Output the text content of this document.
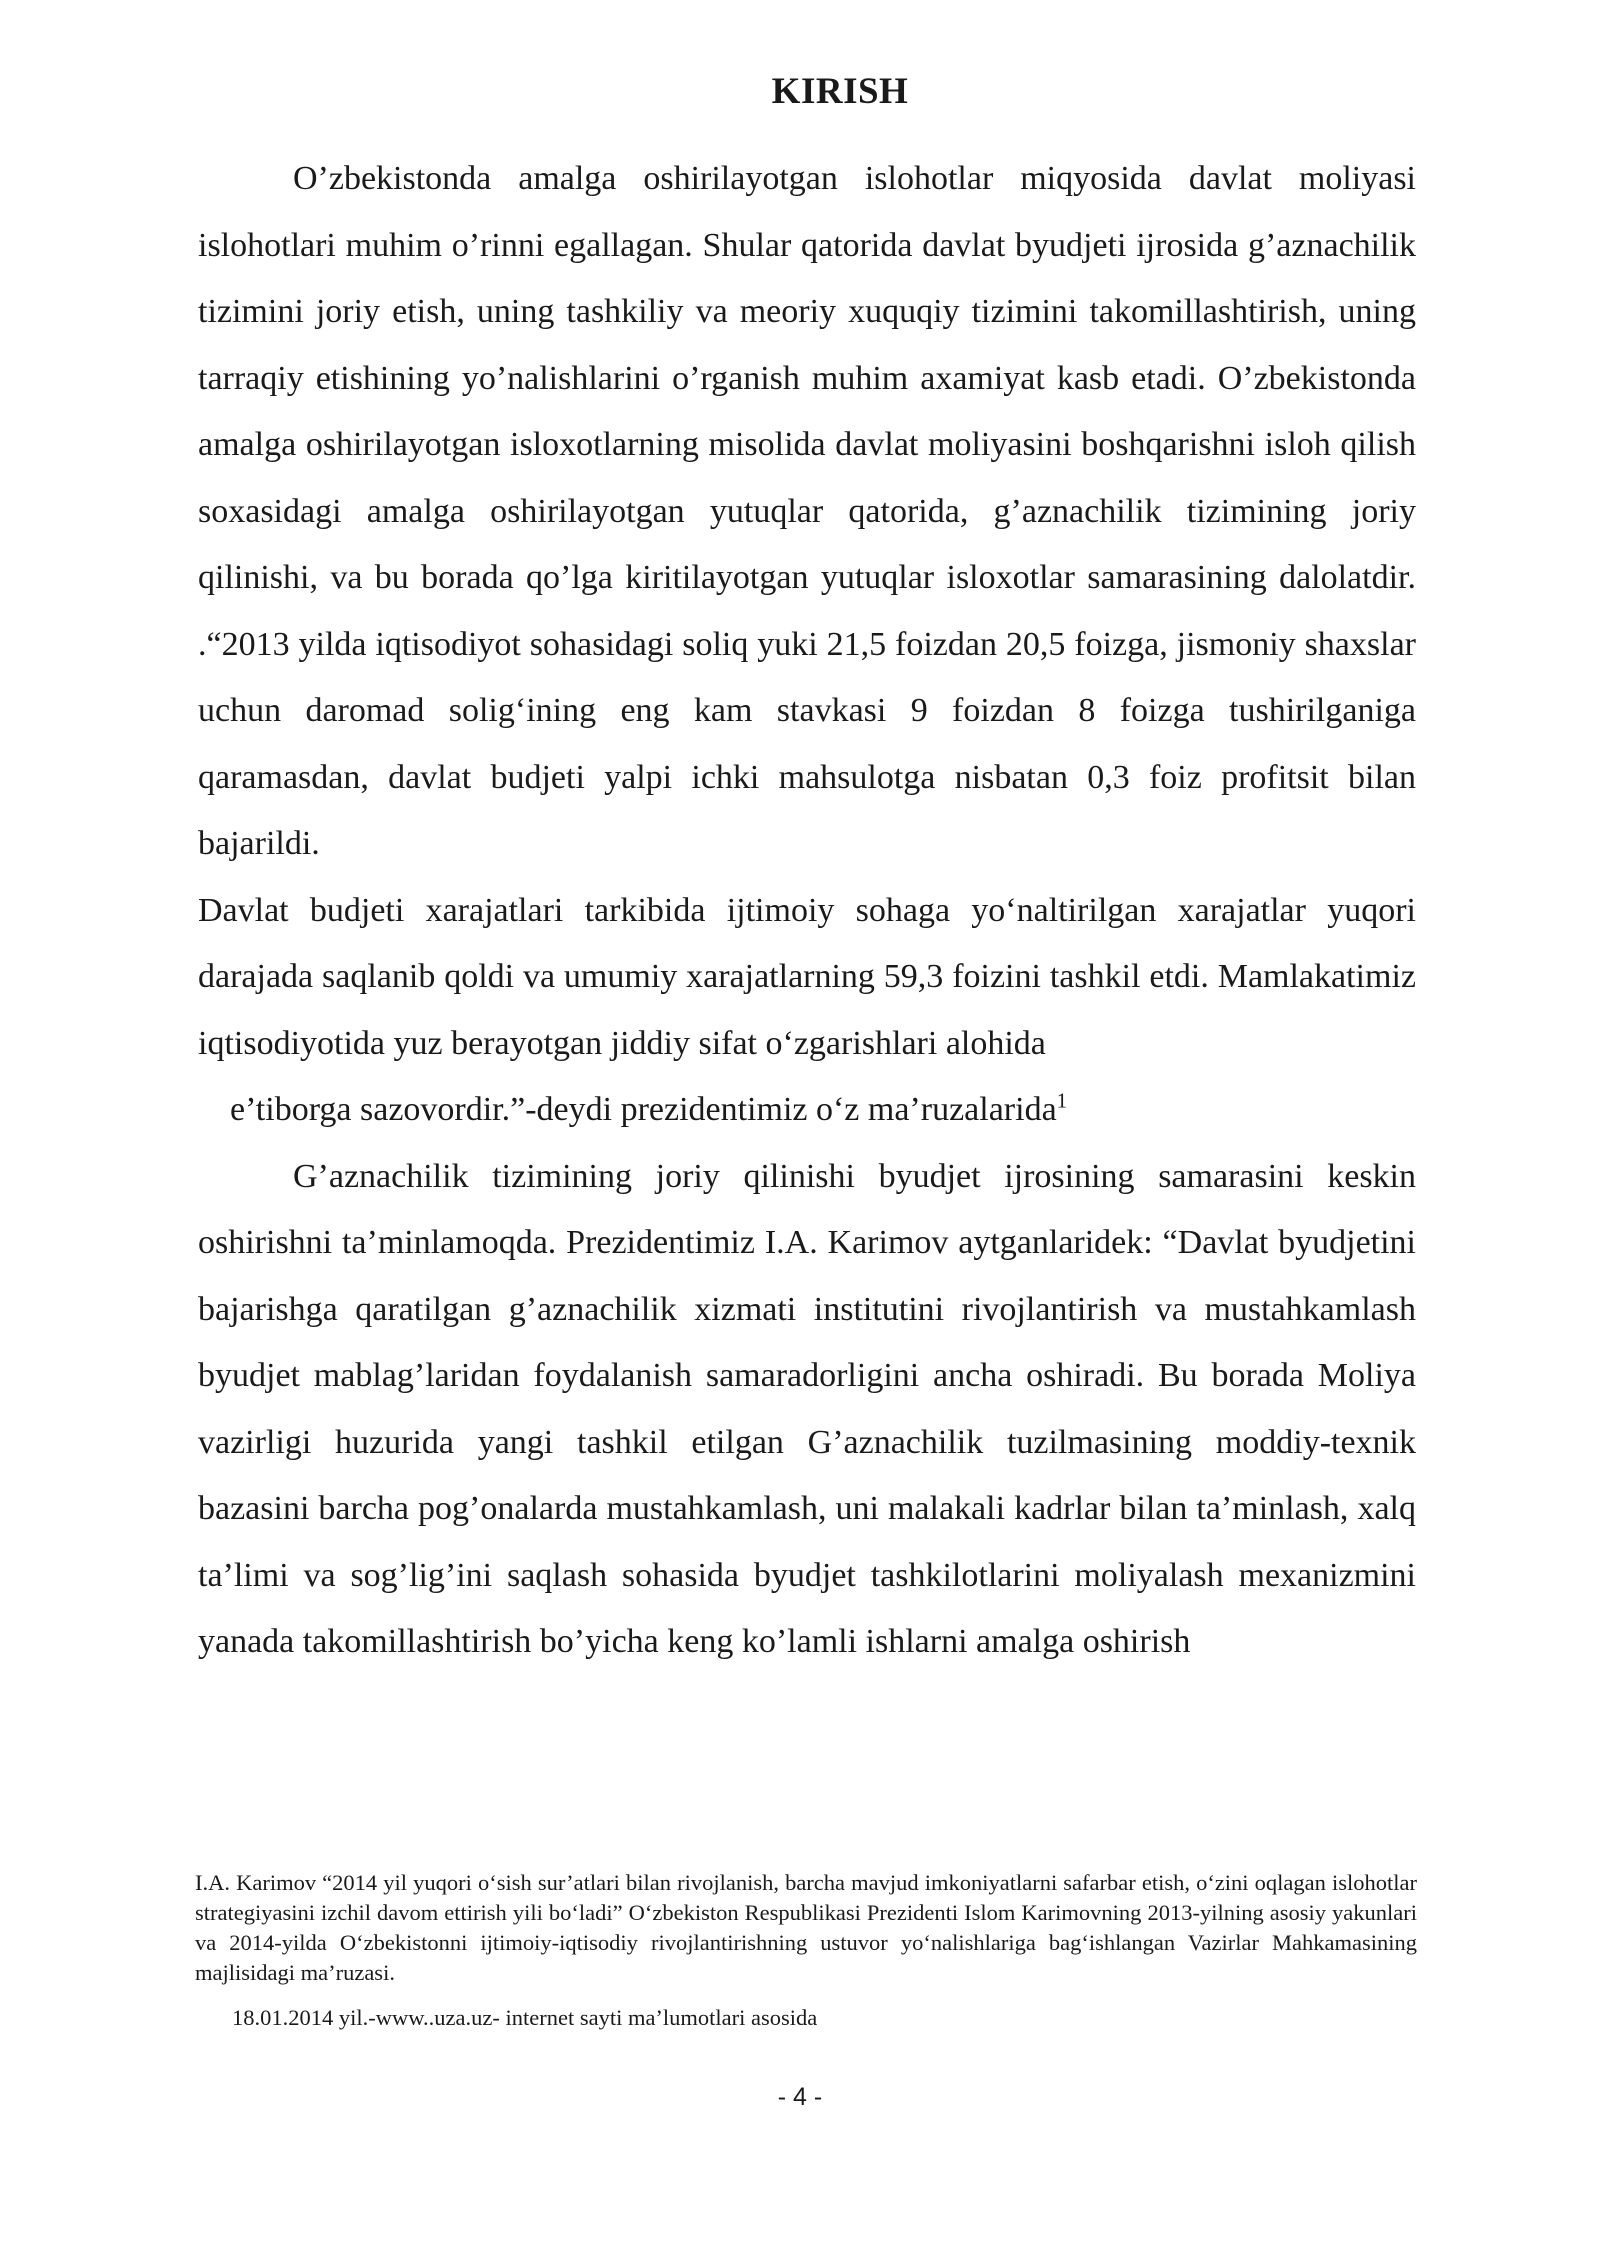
KIRISH

O’zbekistonda amalga oshirilayotgan islohotlar miqyosida davlat moliyasi islohotlari muhim o’rinni egallagan. Shular qatorida davlat byudjeti ijrosida g’aznachilik tizimini joriy etish, uning tashkiliy va meoriy xuquqiy tizimini takomillashtirish, uning tarraqiy etishining yo’nalishlarini o’rganish muhim axamiyat kasb etadi. O’zbekistonda amalga oshirilayotgan isloxotlarning misolida davlat moliyasini boshqarishni isloh qilish soxasidagi amalga oshirilayotgan yutuqlar qatorida, g’aznachilik tizimining joriy qilinishi, va bu borada qo’lga kiritilayotgan yutuqlar isloxotlar samarasining dalolatdir. .“2013 yilda iqtisodiyot sohasidagi soliq yuki 21,5 foizdan 20,5 foizga, jismoniy shaxslar uchun daromad solig‘ining eng kam stavkasi 9 foizdan 8 foizga tushirilganiga qaramasdan, davlat budjeti yalpi ichki mahsulotga nisbatan 0,3 foiz profitsit bilan bajarildi.

Davlat budjeti xarajatlari tarkibida ijtimoiy sohaga yo‘naltirilgan xarajatlar yuqori darajada saqlanib qoldi va umumiy xarajatlarning 59,3 foizini tashkil etdi. Mamlakatimiz iqtisodiyotida yuz berayotgan jiddiy sifat o‘zgarishlari alohida

e’tiborga sazovordir.”-deydi prezidentimiz o‘z ma’ruzalarida$^1$

G’aznachilik tizimining joriy qilinishi byudjet ijrosining samarasini keskin oshirishni ta’minlamoqda. Prezidentimiz I.A. Karimov aytganlaridek: “Davlat byudjetini bajarishga qaratilgan g’aznachilik xizmati institutini rivojlantirish va mustahkamlash byudjet mablag’laridan foydalanish samaradorligini ancha oshiradi. Bu borada Moliya vazirligi huzurida yangi tashkil etilgan G’aznachilik tuzilmasining moddiy-texnik bazasini barcha pog’onalarda mustahkamlash, uni malakali kadrlar bilan ta’minlash, xalq ta’limi va sog’lig’ini saqlash sohasida byudjet tashkilotlarini moliyalash mexanizmini yanada takomillashtirish bo’yicha keng ko’lamli ishlarni amalga oshirish

I.A. Karimov “2014 yil yuqori o‘sish sur’atlari bilan rivojlanish, barcha mavjud imkoniyatlarni safarbar etish, o‘zini oqlagan islohotlar strategiyasini izchil davom ettirish yili bo‘ladi” O‘zbekiston Respublikasi Prezidenti Islom Karimovning 2013-yilning asosiy yakunlari va 2014-yilda O‘zbekistonni ijtimoiy-iqtisodiy rivojlantirishning ustuvor yo‘nalishlariga bag‘ishlangan Vazirlar Mahkamasining majlisidagi ma’ruzasi.
18.01.2014 yil.-www..uza.uz- internet sayti ma’lumotlari asosida
- 4 -
